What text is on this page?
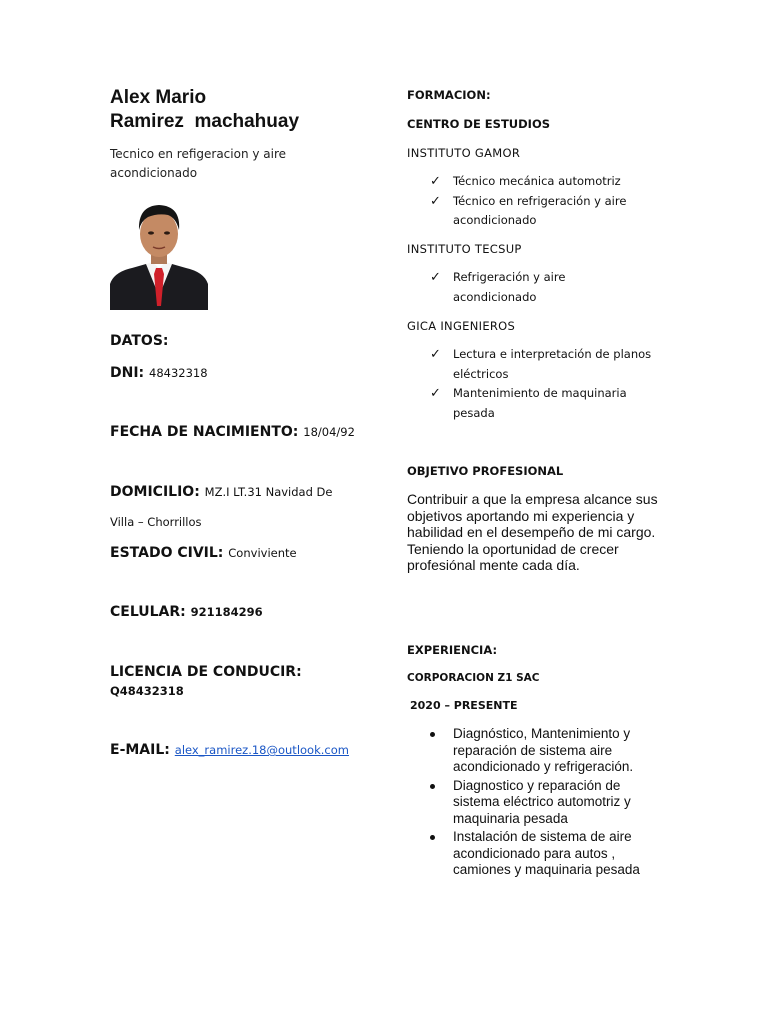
Alex Mario
Ramirez  machahuay
Tecnico en refigeracion y aire acondicionado
DATOS:
DNI: 48432318
FECHA DE NACIMIENTO: 18/04/92
DOMICILIO: MZ.I LT.31 Navidad De
Villa – Chorrillos
ESTADO CIVIL: Conviviente
CELULAR: 921184296
LICENCIA DE CONDUCIR:
Q48432318
E-MAIL: alex_ramirez.18@outlook.com
FORMACION:
CENTRO DE ESTUDIOS
INSTITUTO GAMOR
✓ Técnico mecánica automotriz
✓ Técnico en refrigeración y aire acondicionado
INSTITUTO TECSUP
✓ Refrigeración y aire acondicionado
GICA INGENIEROS
✓ Lectura e interpretación de planos eléctricos
✓ Mantenimiento de maquinaria pesada
OBJETIVO PROFESIONAL
Contribuir a que la empresa alcance sus objetivos aportando mi experiencia y habilidad en el desempeño de mi cargo. Teniendo la oportunidad de crecer profesiónal mente cada día.
EXPERIENCIA:
CORPORACION Z1 SAC
2020 – PRESENTE
Diagnóstico, Mantenimiento y reparación de sistema aire acondicionado y refrigeración.
Diagnostico y reparación de sistema eléctrico automotriz y maquinaria pesada
Instalación de sistema de aire acondicionado para autos , camiones y maquinaria pesada
